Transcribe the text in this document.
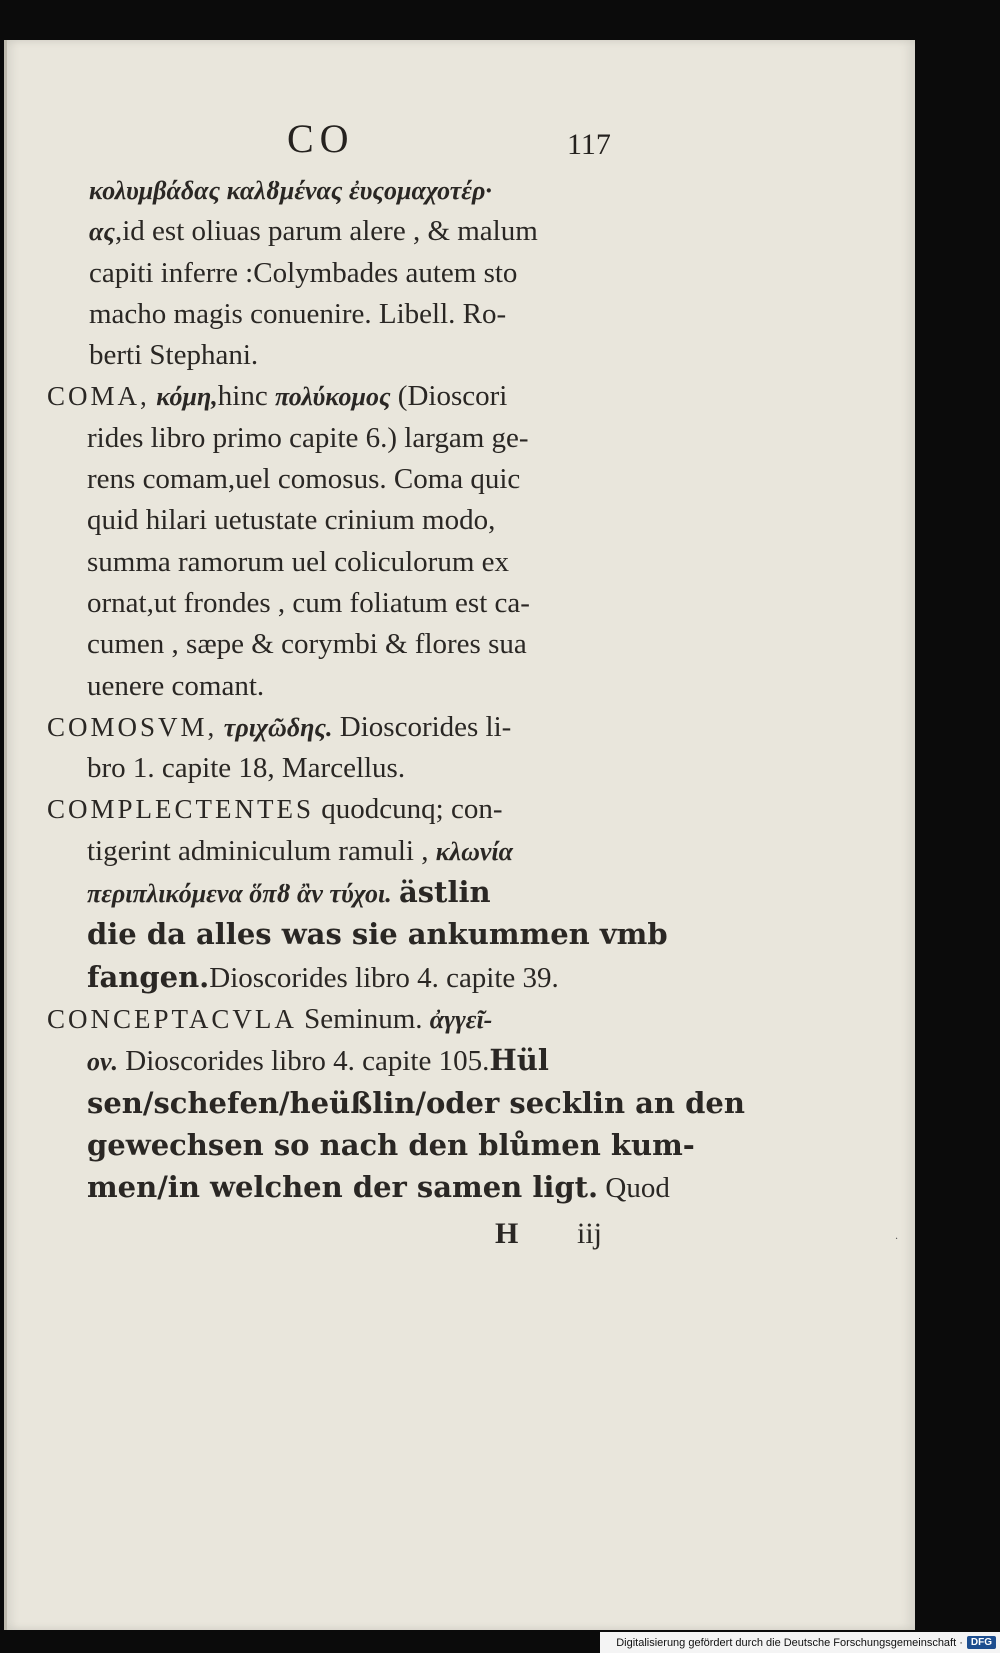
CO	117
κολυμβάδας καλȣμένας ἐυςομαχοτέρ·
ας,id est oliuas parum alere , & malum
capiti inferre :Colymbades autem sto
macho magis conuenire. Libell. Ro-
berti Stephani.
COMA, κόμη,hinc πολύκομος (Dioscori
rides libro primo capite 6.) largam ge-
rens comam,uel comosus. Coma quic
quid hilari uetustate crinium modo,
summa ramorum uel coliculorum ex
ornat,ut frondes , cum foliatum est ca-
cumen , sæpe & corymbi & flores sua
uenere comant.
COMOSVM, τριχῶδης. Dioscorides li-
bro 1. capite 18, Marcellus.
COMPLECTENTES quodcunq; con-
tigerint adminiculum ramuli , κλωνία
περιπλικόμενα ὅπȣ ἂν τύχοι. ästlin
die da alles was sie ankummen vmb
fangen.Dioscorides libro 4. capite 39.
CONCEPTACVLA Seminum. ἀγγεῖ-
ον. Dioscorides libro 4. capite 105.Hül
sen/schefen/heüßlin/oder secklin an den
gewechsen so nach den blůmen kum-
men/in welchen der samen ligt. Quod
H iij	·
Digitalisierung gefördert durch die Deutsche Forschungsgemeinschaft · DFG
